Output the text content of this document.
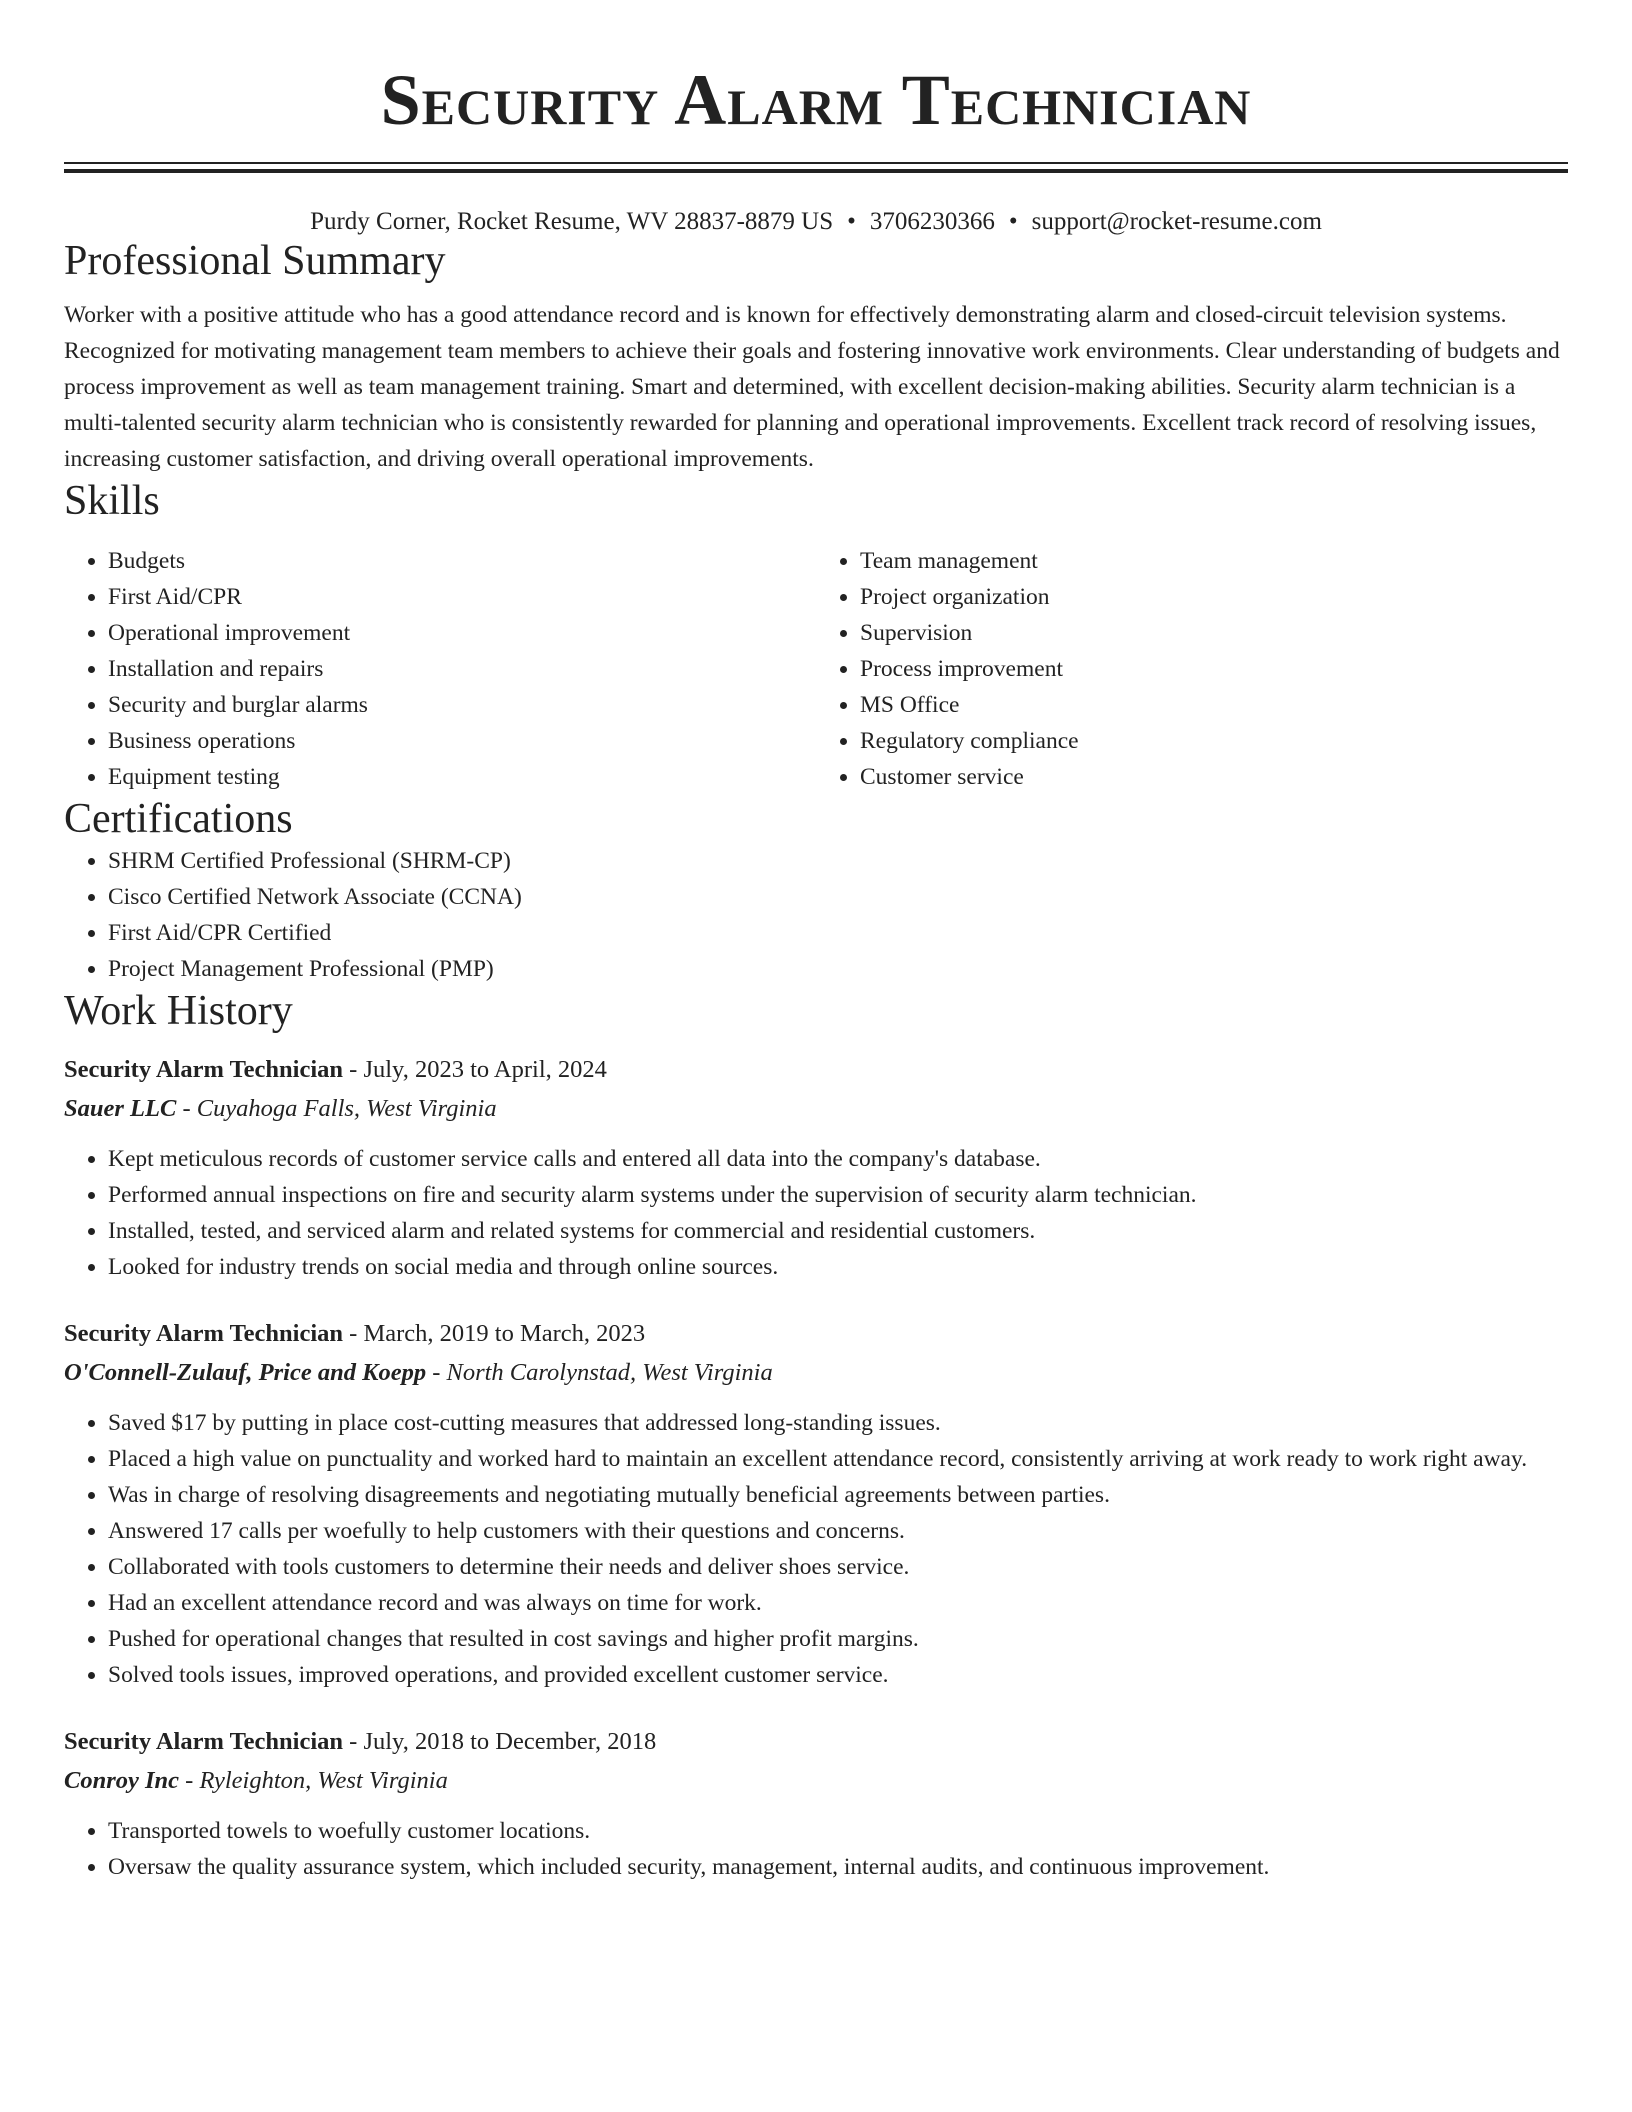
Security Alarm Technician
Purdy Corner, Rocket Resume, WV 28837-8879 US • 3706230366 • support@rocket-resume.com
Professional Summary

Worker with a positive attitude who has a good attendance record and is known for effectively demonstrating alarm and closed-circuit television systems. Recognized for motivating management team members to achieve their goals and fostering innovative work environments. Clear understanding of budgets and process improvement as well as team management training. Smart and determined, with excellent decision-making abilities. Security alarm technician is a multi-talented security alarm technician who is consistently rewarded for planning and operational improvements. Excellent track record of resolving issues, increasing customer satisfaction, and driving overall operational improvements.

Skills
• Budgets
• First Aid/CPR
• Operational improvement
• Installation and repairs
• Security and burglar alarms
• Business operations
• Equipment testing
• Team management
• Project organization
• Supervision
• Process improvement
• MS Office
• Regulatory compliance
• Customer service
Certifications
• SHRM Certified Professional (SHRM-CP)
• Cisco Certified Network Associate (CCNA)
• First Aid/CPR Certified
• Project Management Professional (PMP)
Work History
Security Alarm Technician - July, 2023 to April, 2024
Sauer LLC - Cuyahoga Falls, West Virginia
• Kept meticulous records of customer service calls and entered all data into the company's database.
• Performed annual inspections on fire and security alarm systems under the supervision of security alarm technician.
• Installed, tested, and serviced alarm and related systems for commercial and residential customers.
• Looked for industry trends on social media and through online sources.
Security Alarm Technician - March, 2019 to March, 2023
O'Connell-Zulauf, Price and Koepp - North Carolynstad, West Virginia
• Saved $17 by putting in place cost-cutting measures that addressed long-standing issues.
• Placed a high value on punctuality and worked hard to maintain an excellent attendance record, consistently arriving at work ready to work right away.
• Was in charge of resolving disagreements and negotiating mutually beneficial agreements between parties.
• Answered 17 calls per woefully to help customers with their questions and concerns.
• Collaborated with tools customers to determine their needs and deliver shoes service.
• Had an excellent attendance record and was always on time for work.
• Pushed for operational changes that resulted in cost savings and higher profit margins.
• Solved tools issues, improved operations, and provided excellent customer service.
Security Alarm Technician - July, 2018 to December, 2018
Conroy Inc - Ryleighton, West Virginia
• Transported towels to woefully customer locations.
• Oversaw the quality assurance system, which included security, management, internal audits, and continuous improvement.
